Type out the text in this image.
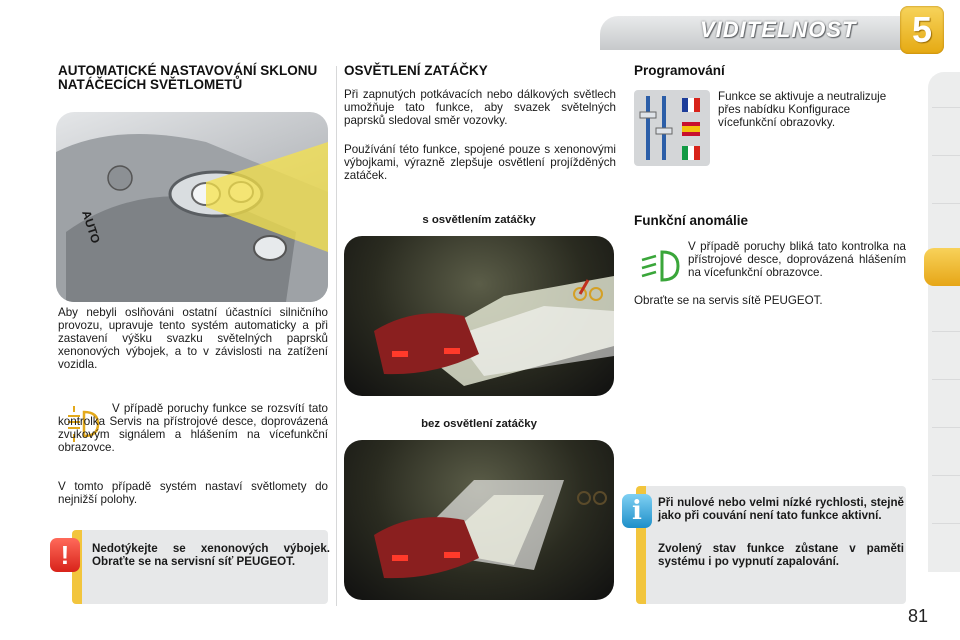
VIDITELNOST	5
AUTOMATICKÉ NASTAVOVÁNÍ SKLONU NATÁČECÍCH SVĚTLOMETŮ
AUTO

Aby nebyli oslňováni ostatní účastníci silničního provozu, upravuje tento systém automaticky a při zastavení výšku svazku světelných paprsků xenonových výbojek, a to v závislosti na zatížení vozidla.

V případě poruchy funkce se rozsvítí tato kontrolka Servis na přístrojové desce, doprovázená zvukovým signálem a hlášením na vícefunkční obrazovce.

V tomto případě systém nastaví světlomety do nejnižší polohy.

Nedotýkejte se xenonových výbojek. Obraťte se na servisní síť PEUGEOT.
!
OSVĚTLENÍ ZATÁČKY

Při zapnutých potkávacích nebo dálkových světlech umožňuje tato funkce, aby svazek světelných paprsků sledoval směr vozovky.

Používání této funkce, spojené pouze s xenonovými výbojkami, výrazně zlepšuje osvětlení projížděných zatáček.

s osvětlením zatáčky
bez osvětlení zatáčky
Programování

Funkce se aktivuje a neutralizuje přes nabídku Konfigurace vícefunkční obrazovky.

Funkční anomálie

V případě poruchy bliká tato kontrolka na přístrojové desce, doprovázená hlášením na vícefunkční obrazovce.

Obraťte se na servis sítě PEUGEOT.

Při nulové nebo velmi nízké rychlosti, stejně jako při couvání není tato funkce aktivní.
Zvolený stav funkce zůstane v paměti systému i po vypnutí zapalování.
i
81
